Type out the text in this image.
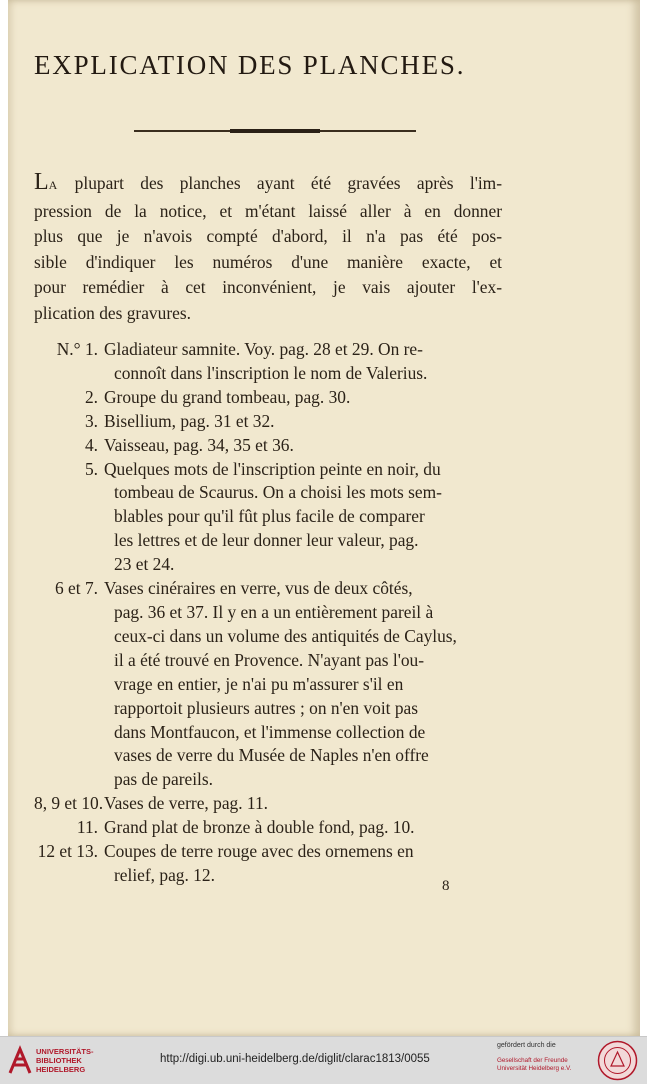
EXPLICATION DES PLANCHES.
LA plupart des planches ayant été gravées après l'im-
pression de la notice, et m'étant laissé aller à en donner
plus que je n'avois compté d'abord, il n'a pas été pos-
sible d'indiquer les numéros d'une manière exacte, et
pour remédier à cet inconvénient, je vais ajouter l'ex-
plication des gravures.
N.° 1. Gladiateur samnite. Voy. pag. 28 et 29. On re-
connoît dans l'inscription le nom de Valerius.
2. Groupe du grand tombeau, pag. 30.
3. Bisellium, pag. 31 et 32.
4. Vaisseau, pag. 34, 35 et 36.
5. Quelques mots de l'inscription peinte en noir, du
tombeau de Scaurus. On a choisi les mots sem-
blables pour qu'il fût plus facile de comparer
les lettres et de leur donner leur valeur, pag.
23 et 24.
6 et 7. Vases cinéraires en verre, vus de deux côtés,
pag. 36 et 37. Il y en a un entièrement pareil à
ceux-ci dans un volume des antiquités de Caylus,
il a été trouvé en Provence. N'ayant pas l'ou-
vrage en entier, je n'ai pu m'assurer s'il en
rapportoit plusieurs autres ; on n'en voit pas
dans Montfaucon, et l'immense collection de
vases de verre du Musée de Naples n'en offre
pas de pareils.
8, 9 et 10. Vases de verre, pag. 11.
11. Grand plat de bronze à double fond, pag. 10.
12 et 13. Coupes de terre rouge avec des ornemens en
relief, pag. 12.
8
UNIVERSITÄTS-
BIBLIOTHEK
HEIDELBERG
http://digi.ub.uni-heidelberg.de/diglit/clarac1813/0055
gefördert durch die
Gesellschaft der Freunde
Universität Heidelberg e.V.
